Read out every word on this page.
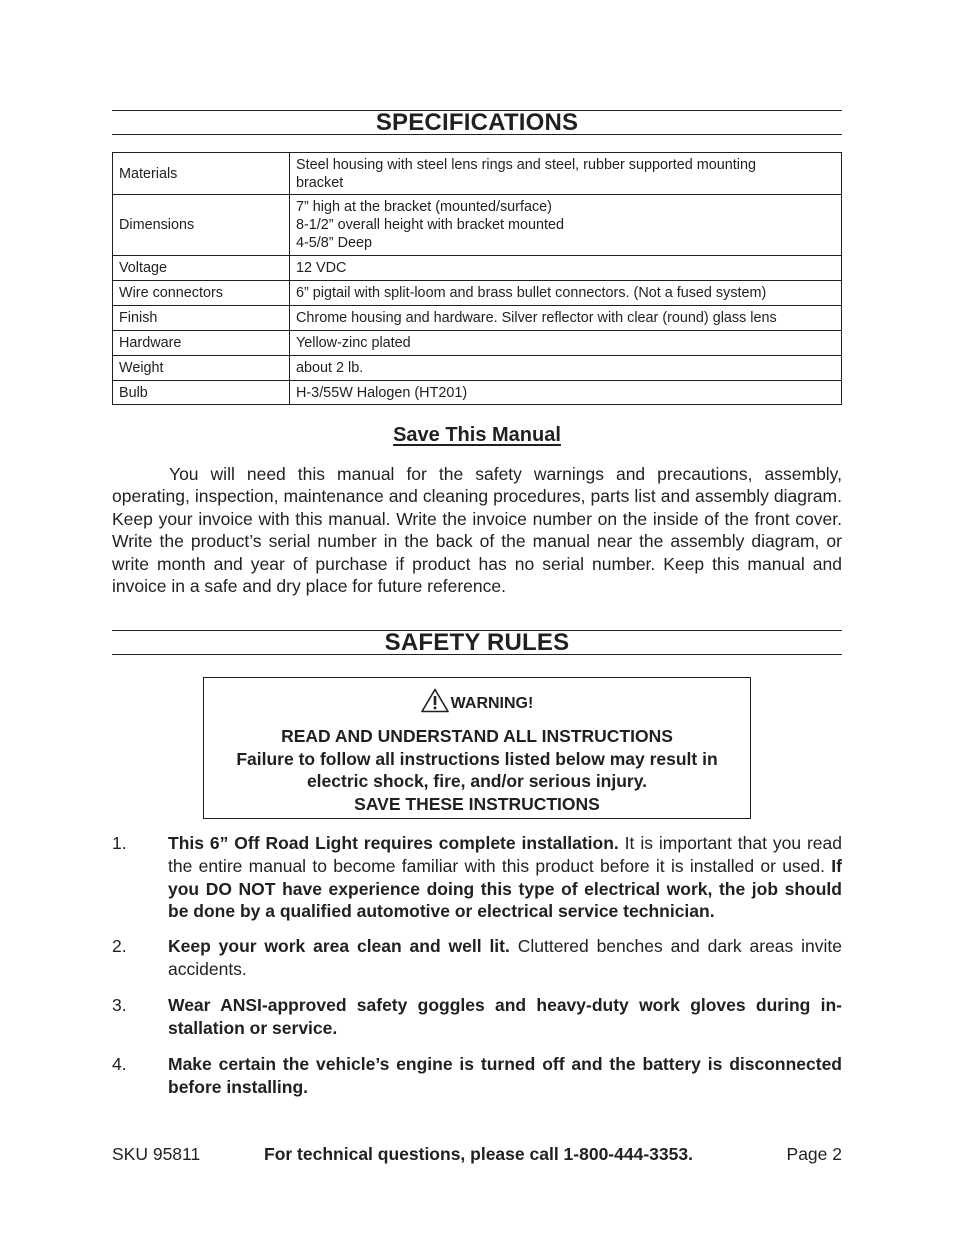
SPECIFICATIONS
Materials	Steel housing with steel lens rings and steel, rubber supported mounting
bracket

Dimensions	7” high at the bracket (mounted/surface)
8-1/2” overall height with bracket mounted
4-5/8” Deep

Voltage	12 VDC

Wire connectors	6” pigtail with split-loom and brass bullet connectors. (Not a fused system)

Finish	Chrome housing and hardware. Silver reflector with clear (round) glass lens

Hardware	Yellow-zinc plated

Weight	about 2 lb.

Bulb	H-3/55W Halogen (HT201)
Save This Manual

You will need this manual for the safety warnings and precautions, assembly, operating, inspection, maintenance and cleaning procedures, parts list and assembly diagram. Keep your invoice with this manual. Write the invoice number on the inside of the front cover. Write the product’s serial number in the back of the manual near the assembly diagram, or write month and year of purchase if product has no serial number. Keep this manual and invoice in a safe and dry place for future reference.

SAFETY RULES
WARNING!
READ AND UNDERSTAND ALL INSTRUCTIONS
Failure to follow all instructions listed below may result in
electric shock, fire, and/or serious injury.
SAVE THESE INSTRUCTIONS
1. This 6” Off Road Light requires complete installation. It is important that you read the entire manual to become familiar with this product before it is installed or used. If you DO NOT have experience doing this type of electrical work, the job should be done by a qualified automotive or electrical service technician.
2. Keep your work area clean and well lit. Cluttered benches and dark areas invite accidents.
3. Wear ANSI-approved safety goggles and heavy-duty work gloves during in-stallation or service.
4. Make certain the vehicle’s engine is turned off and the battery is disconnected before installing.
SKU 95811	For technical questions, please call 1-800-444-3353.	Page 2
